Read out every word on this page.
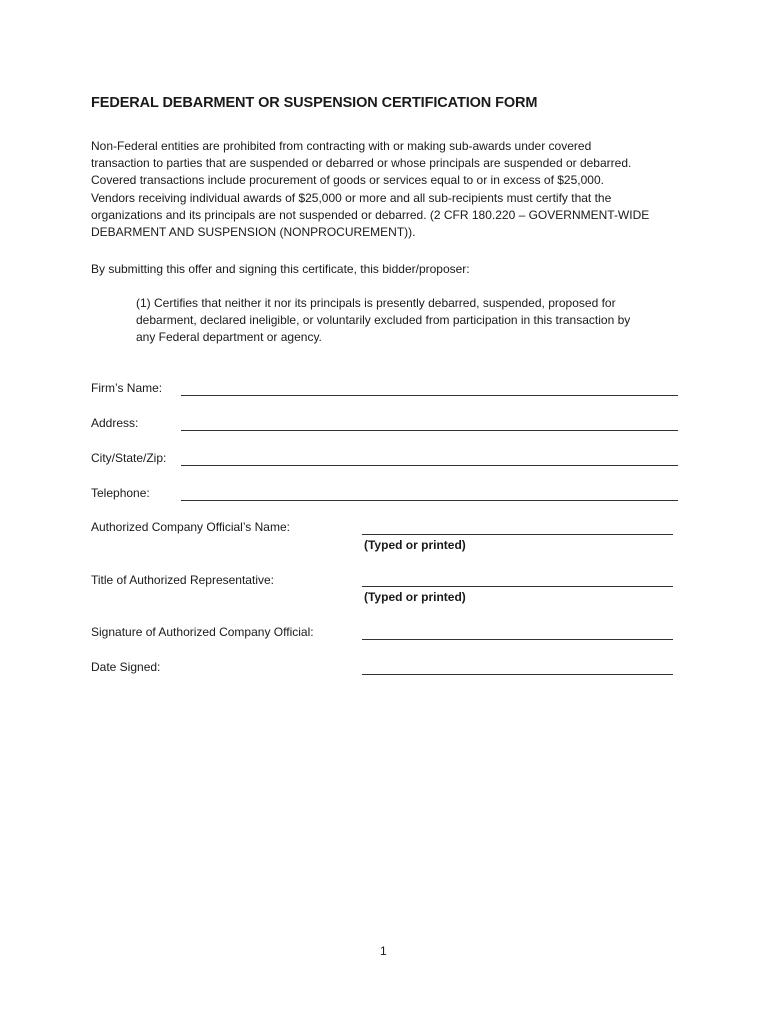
FEDERAL DEBARMENT OR SUSPENSION CERTIFICATION FORM
Non-Federal entities are prohibited from contracting with or making sub-awards under covered
transaction to parties that are suspended or debarred or whose principals are suspended or debarred.
Covered transactions include procurement of goods or services equal to or in excess of $25,000.
Vendors receiving individual awards of $25,000 or more and all sub-recipients must certify that the
organizations and its principals are not suspended or debarred. (2 CFR 180.220 – GOVERNMENT-WIDE
DEBARMENT AND SUSPENSION (NONPROCUREMENT)).
By submitting this offer and signing this certificate, this bidder/proposer:
(1) Certifies that neither it nor its principals is presently debarred, suspended, proposed for
debarment, declared ineligible, or voluntarily excluded from participation in this transaction by
any Federal department or agency.
Firm’s Name:
Address:
City/State/Zip:
Telephone:
Authorized Company Official’s Name:
(Typed or printed)
Title of Authorized Representative:
(Typed or printed)
Signature of Authorized Company Official:
Date Signed:
1
